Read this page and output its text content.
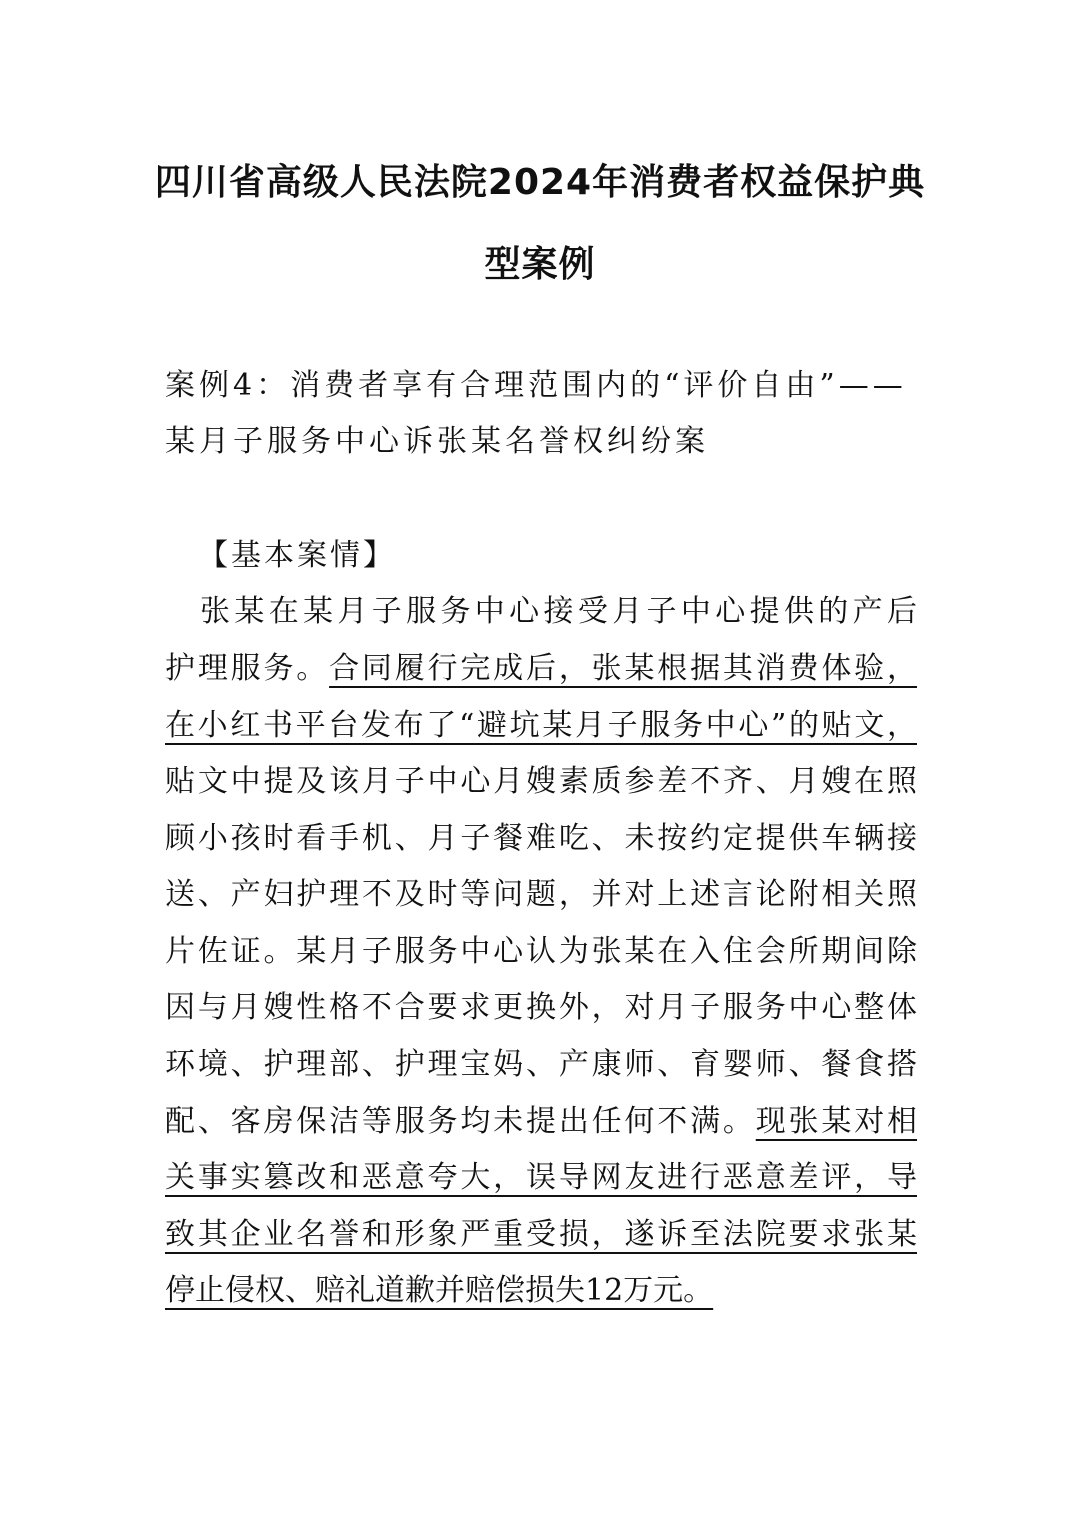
四川省高级人民法院2024年消费者权益保护典
型案例
案例4：消费者享有合理范围内的“评价自由”——
某月子服务中心诉张某名誉权纠纷案
【基本案情】
张某在某月子服务中心接受月子中心提供的产后
护理服务。合同履行完成后，张某根据其消费体验，
在小红书平台发布了“避坑某月子服务中心”的贴文，
贴文中提及该月子中心月嫂素质参差不齐、月嫂在照
顾小孩时看手机、月子餐难吃、未按约定提供车辆接
送、产妇护理不及时等问题，并对上述言论附相关照
片佐证。某月子服务中心认为张某在入住会所期间除
因与月嫂性格不合要求更换外，对月子服务中心整体
环境、护理部、护理宝妈、产康师、育婴师、餐食搭
配、客房保洁等服务均未提出任何不满。现张某对相
关事实篡改和恶意夸大，误导网友进行恶意差评，导
致其企业名誉和形象严重受损，遂诉至法院要求张某
停止侵权、赔礼道歉并赔偿损失12万元。
